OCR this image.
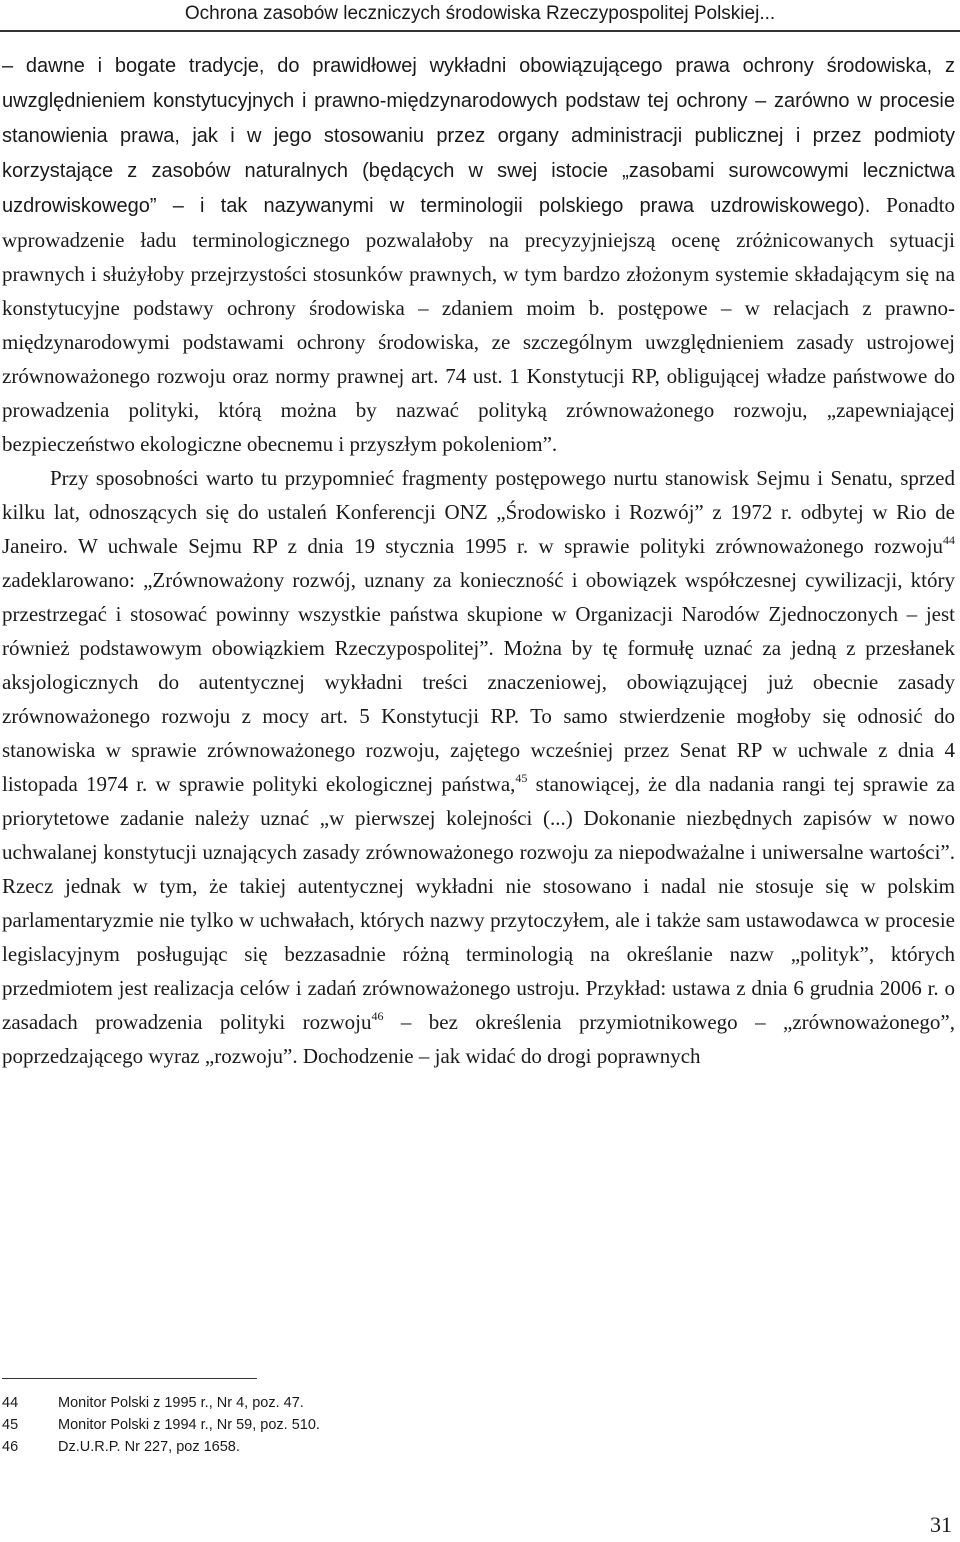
Ochrona zasobów leczniczych środowiska Rzeczypospolitej Polskiej...

– dawne i bogate tradycje, do prawidłowej wykładni obowiązującego prawa ochrony środowiska, z uwzględnieniem konstytucyjnych i prawno-międzynarodowych podstaw tej ochrony – zarówno w procesie stanowienia prawa, jak i w jego stosowaniu przez organy administracji publicznej i przez podmioty korzystające z zasobów naturalnych (będących w swej istocie „zasobami surowcowymi lecznictwa uzdrowiskowego” – i tak nazywanymi w terminologii polskiego prawa uzdrowiskowego). Ponadto wprowadzenie ładu terminologicznego pozwalałoby na precyzyjniejszą ocenę zróżnicowanych sytuacji prawnych i służyłoby przejrzystości stosunków prawnych, w tym bardzo złożonym systemie składającym się na konstytucyjne podstawy ochrony środowiska – zdaniem moim b. postępowe – w relacjach z prawno-międzynarodowymi podstawami ochrony środowiska, ze szczególnym uwzględnieniem zasady ustrojowej zrównoważonego rozwoju oraz normy prawnej art. 74 ust. 1 Konstytucji RP, obligującej władze państwowe do prowadzenia polityki, którą można by nazwać polityką zrównoważonego rozwoju, „zapewniającej bezpieczeństwo ekologiczne obecnemu i przyszłym pokoleniom”.

Przy sposobności warto tu przypomnieć fragmenty postępowego nurtu stanowisk Sejmu i Senatu, sprzed kilku lat, odnoszących się do ustaleń Konferencji ONZ „Środowisko i Rozwój” z 1972 r. odbytej w Rio de Janeiro. W uchwale Sejmu RP z dnia 19 stycznia 1995 r. w sprawie polityki zrównoważonego rozwoju$^{44}$ zadeklarowano: „Zrównoważony rozwój, uznany za konieczność i obowiązek współczesnej cywilizacji, który przestrzegać i stosować powinny wszystkie państwa skupione w Organizacji Narodów Zjednoczonych – jest również podstawowym obowiązkiem Rzeczypospolitej”. Można by tę formułę uznać za jedną z przesłanek aksjologicznych do autentycznej wykładni treści znaczeniowej, obowiązującej już obecnie zasady zrównoważonego rozwoju z mocy art. 5 Konstytucji RP. To samo stwierdzenie mogłoby się odnosić do stanowiska w sprawie zrównoważonego rozwoju, zajętego wcześniej przez Senat RP w uchwale z dnia 4 listopada 1974 r. w sprawie polityki ekologicznej państwa,$^{45}$ stanowiącej, że dla nadania rangi tej sprawie za priorytetowe zadanie należy uznać „w pierwszej kolejności (...) Dokonanie niezbędnych zapisów w nowo uchwalanej konstytucji uznających zasady zrównoważonego rozwoju za niepodważalne i uniwersalne wartości”. Rzecz jednak w tym, że takiej autentycznej wykładni nie stosowano i nadal nie stosuje się w polskim parlamentaryzmie nie tylko w uchwałach, których nazwy przytoczyłem, ale i także sam ustawodawca w procesie legislacyjnym posługując się bezzasadnie różną terminologią na określanie nazw „polityk”, których przedmiotem jest realizacja celów i zadań zrównoważonego ustroju. Przykład: ustawa z dnia 6 grudnia 2006 r. o zasadach prowadzenia polityki rozwoju$^{46}$ – bez określenia przymiotnikowego – „zrównoważonego”, poprzedzającego wyraz „rozwoju”. Dochodzenie – jak widać do drogi poprawnych

44	Monitor Polski z 1995 r., Nr 4, poz. 47.
45	Monitor Polski z 1994 r., Nr 59, poz. 510.
46	Dz.U.R.P. Nr 227, poz 1658.
31
